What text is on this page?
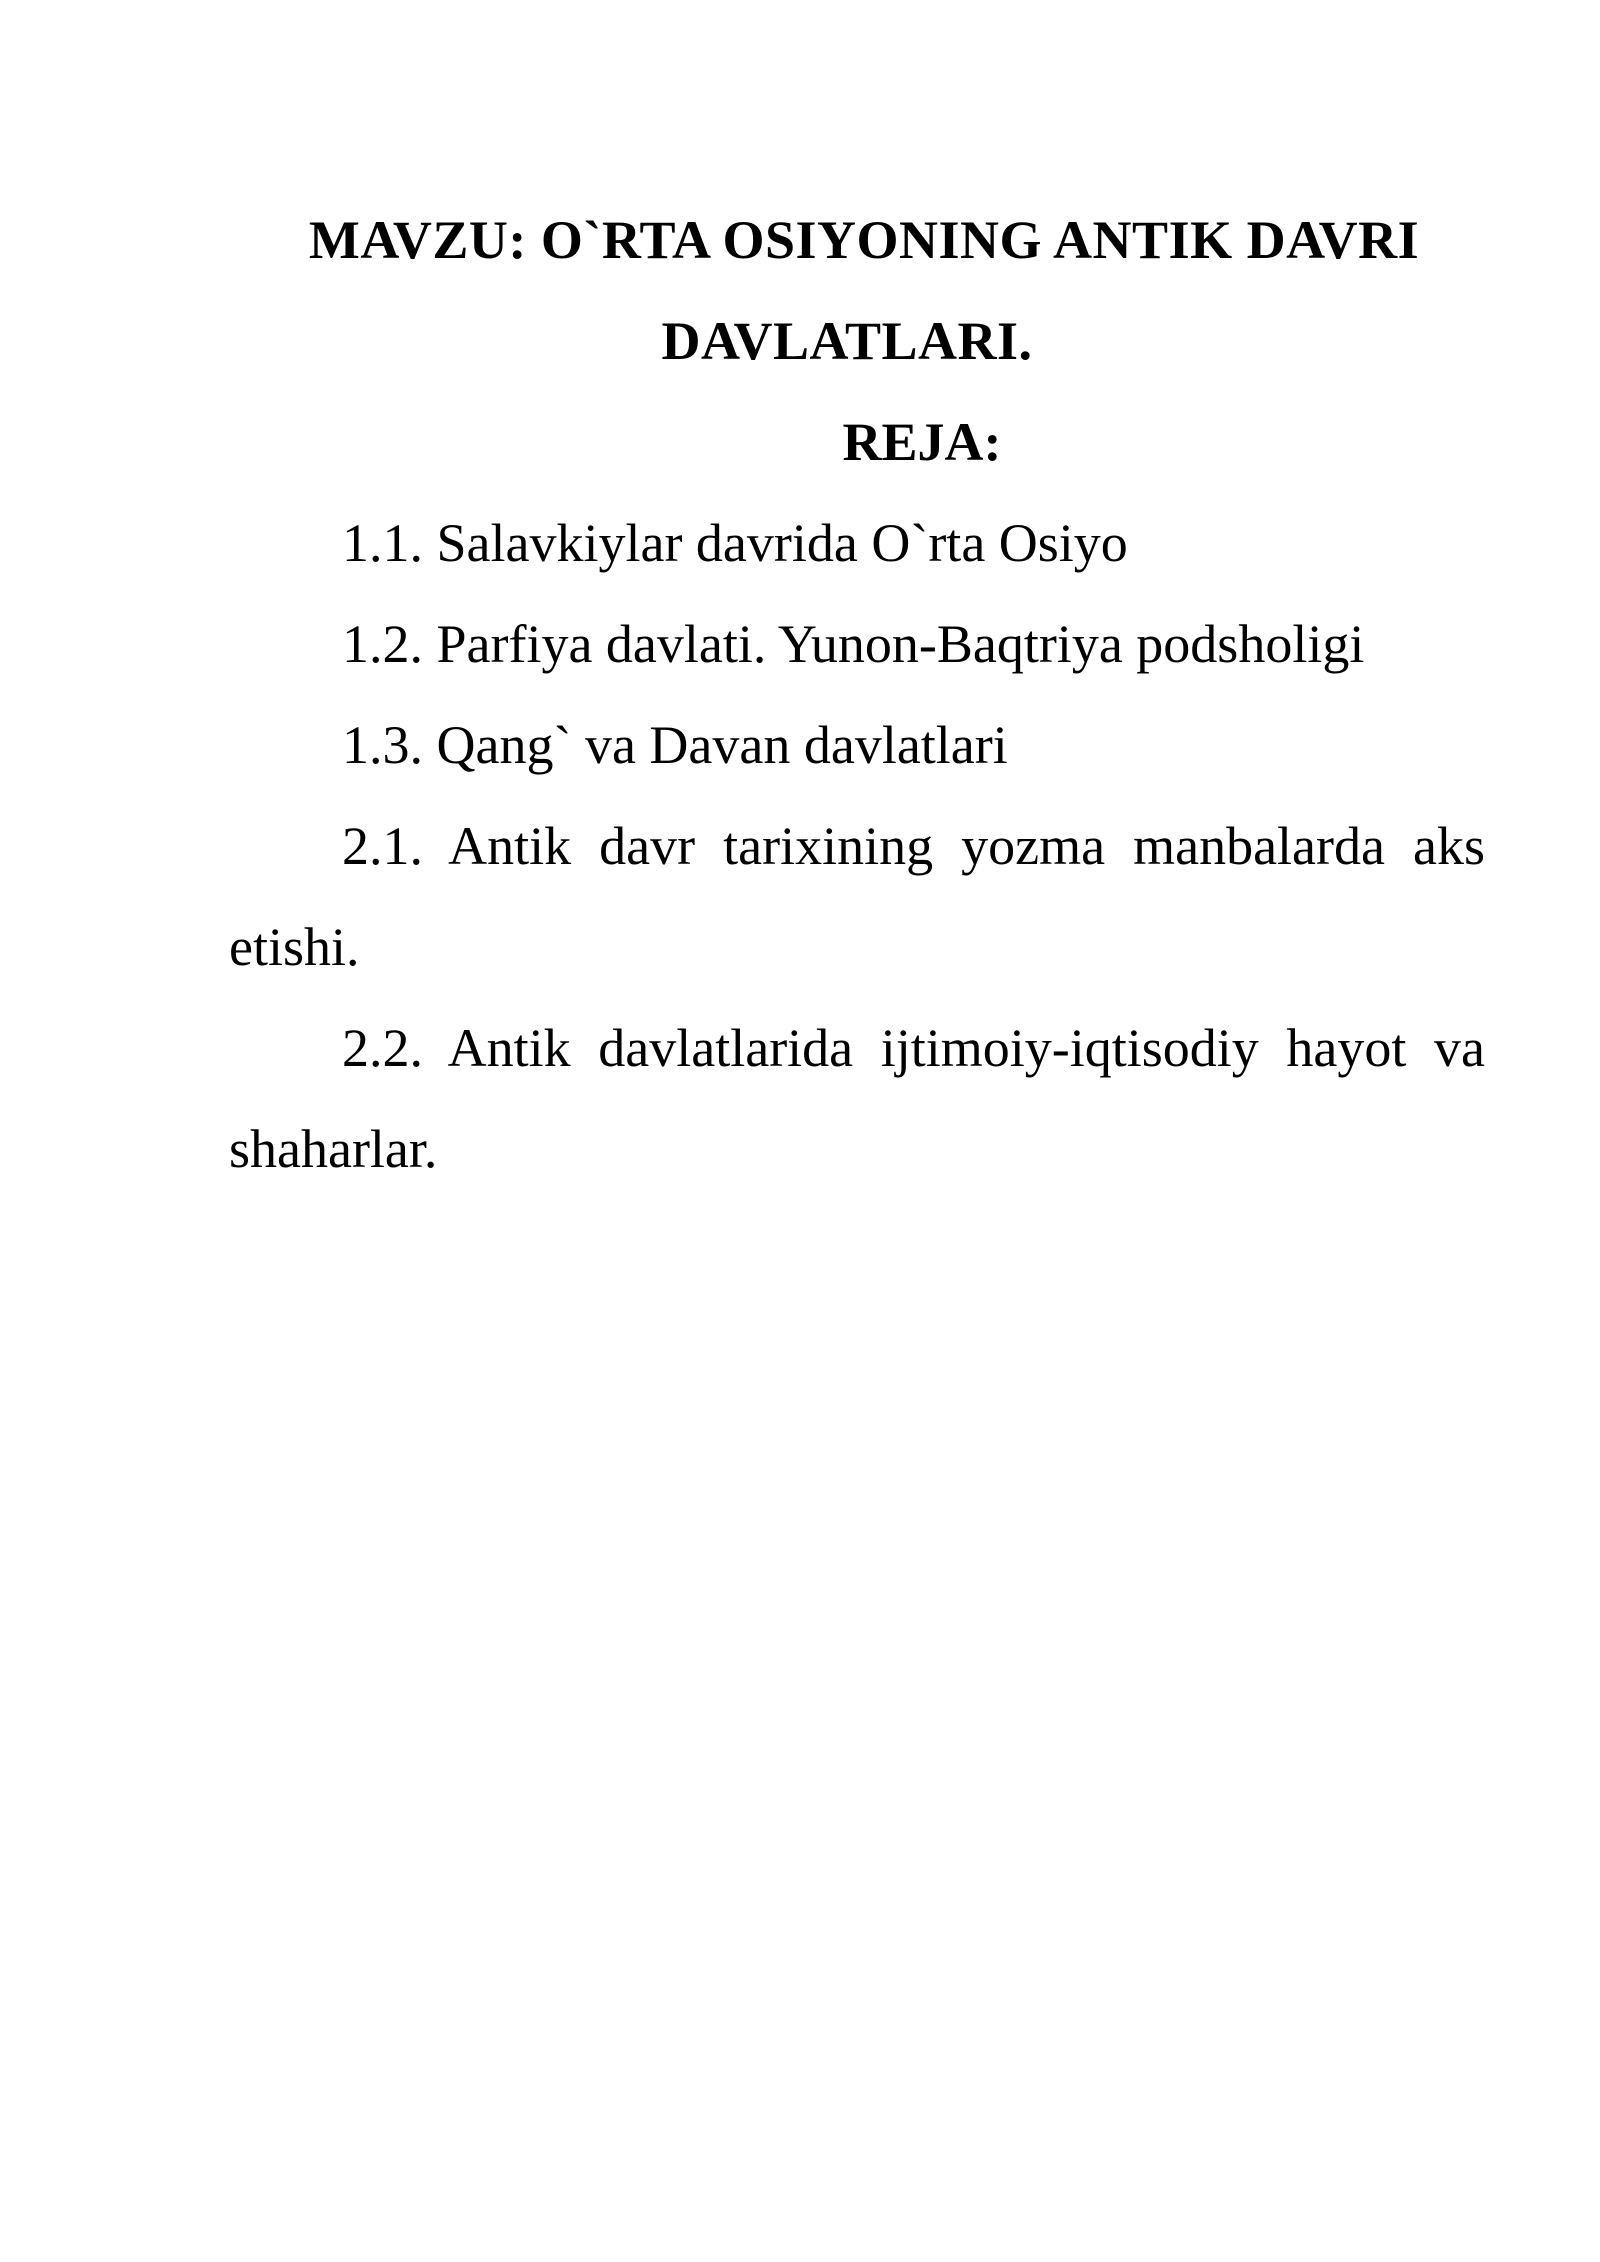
MAVZU: O`RTA OSIYONING ANTIK DAVRI
DAVLATLARI.
REJA:
1.1. Salavkiylar davrida O`rta Osiyo
1.2. Parfiya davlati. Yunon-Baqtriya podsholigi
1.3. Qang` va Davan davlatlari
2.1. Antik davr tarixining yozma manbalarda aks etishi.
2.2. Antik davlatlarida ijtimoiy-iqtisodiy hayot va shaharlar.
